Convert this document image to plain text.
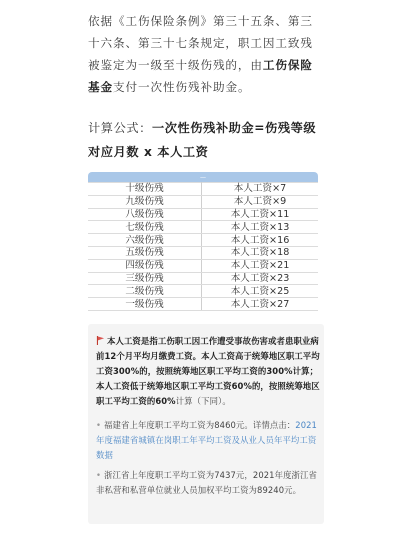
依据《工伤保险条例》第三十五条、第三十六条、第三十七条规定，职工因工致残被鉴定为一级至十级伤残的，由工伤保险基金支付一次性伤残补助金。

计算公式：一次性伤残补助金=伤残等级对应月数 x 本人工资

—
十级伤残	本人工资×7
九级伤残	本人工资×9
八级伤残	本人工资×11
七级伤残	本人工资×13
六级伤残	本人工资×16
五级伤残	本人工资×18
四级伤残	本人工资×21
三级伤残	本人工资×23
二级伤残	本人工资×25
一级伤残	本人工资×27

本人工资是指工伤职工因工作遭受事故伤害或者患职业病前12个月平均月缴费工资。本人工资高于统筹地区职工平均工资300%的，按照统筹地区职工平均工资的300%计算；本人工资低于统筹地区职工平均工资60%的，按照统筹地区职工平均工资的60%计算（下同）。

• 福建省上年度职工平均工资为8460元。详情点击：2021年度福建省城镇在岗职工年平均工资及从业人员年平均工资数据

• 浙江省上年度职工平均工资为7437元，2021年度浙江省非私营和私营单位就业人员加权平均工资为89240元。
